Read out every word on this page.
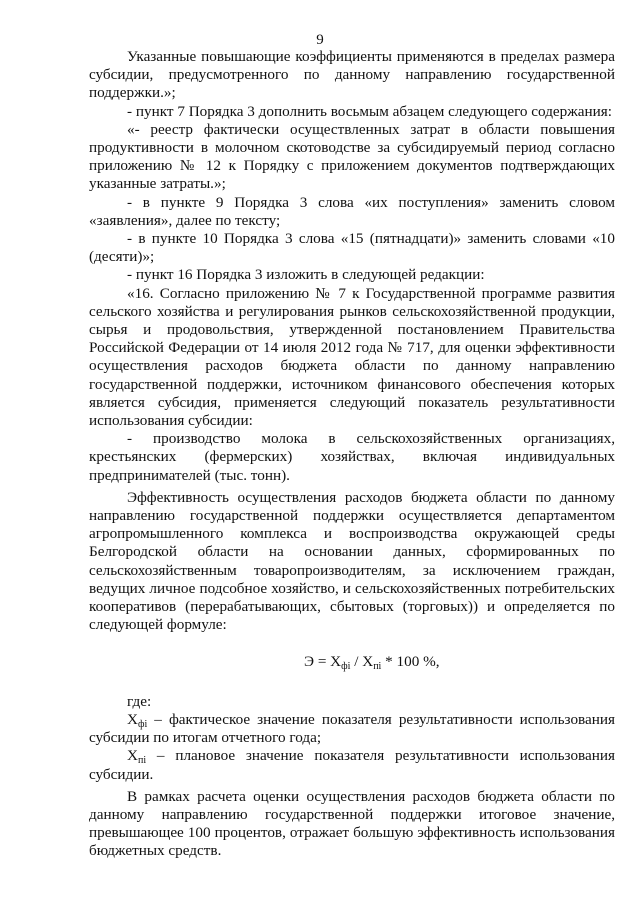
9

Указанные повышающие коэффициенты применяются в пределах размера субсидии, предусмотренного по данному направлению государственной поддержки.»;

- пункт 7 Порядка 3 дополнить восьмым абзацем следующего содержания:

«- реестр фактически осуществленных затрат в области повышения продуктивности в молочном скотоводстве за субсидируемый период согласно приложению № 12 к Порядку с приложением документов подтверждающих указанные затраты.»;

- в пункте 9 Порядка 3 слова «их поступления» заменить словом «заявления», далее по тексту;

- в пункте 10 Порядка 3 слова «15 (пятнадцати)» заменить словами «10 (десяти)»;

- пункт 16 Порядка 3 изложить в следующей редакции:

«16. Согласно приложению № 7 к Государственной программе развития сельского хозяйства и регулирования рынков сельскохозяйственной продукции, сырья и продовольствия, утвержденной постановлением Правительства Российской Федерации от 14 июля 2012 года № 717, для оценки эффективности осуществления расходов бюджета области по данному направлению государственной поддержки, источником финансового обеспечения которых является субсидия, применяется следующий показатель результативности использования субсидии:

- производство молока в сельскохозяйственных организациях, крестьянских (фермерских) хозяйствах, включая индивидуальных предпринимателей (тыс. тонн).

Эффективность осуществления расходов бюджета области по данному направлению государственной поддержки осуществляется департаментом агропромышленного комплекса и воспроизводства окружающей среды Белгородской области на основании данных, сформированных по сельскохозяйственным товаропроизводителям, за исключением граждан, ведущих личное подсобное хозяйство, и сельскохозяйственных потребительских кооперативов (перерабатывающих, сбытовых (торговых)) и определяется по следующей формуле:

$Э = Х_{фi} / Х_{пi} * 100$ %,

где:

$Х_{фi}$ – фактическое значение показателя результативности использования субсидии по итогам отчетного года;

$Х_{пi}$ – плановое значение показателя результативности использования субсидии.

В рамках расчета оценки осуществления расходов бюджета области по данному направлению государственной поддержки итоговое значение, превышающее 100 процентов, отражает большую эффективность использования бюджетных средств.
